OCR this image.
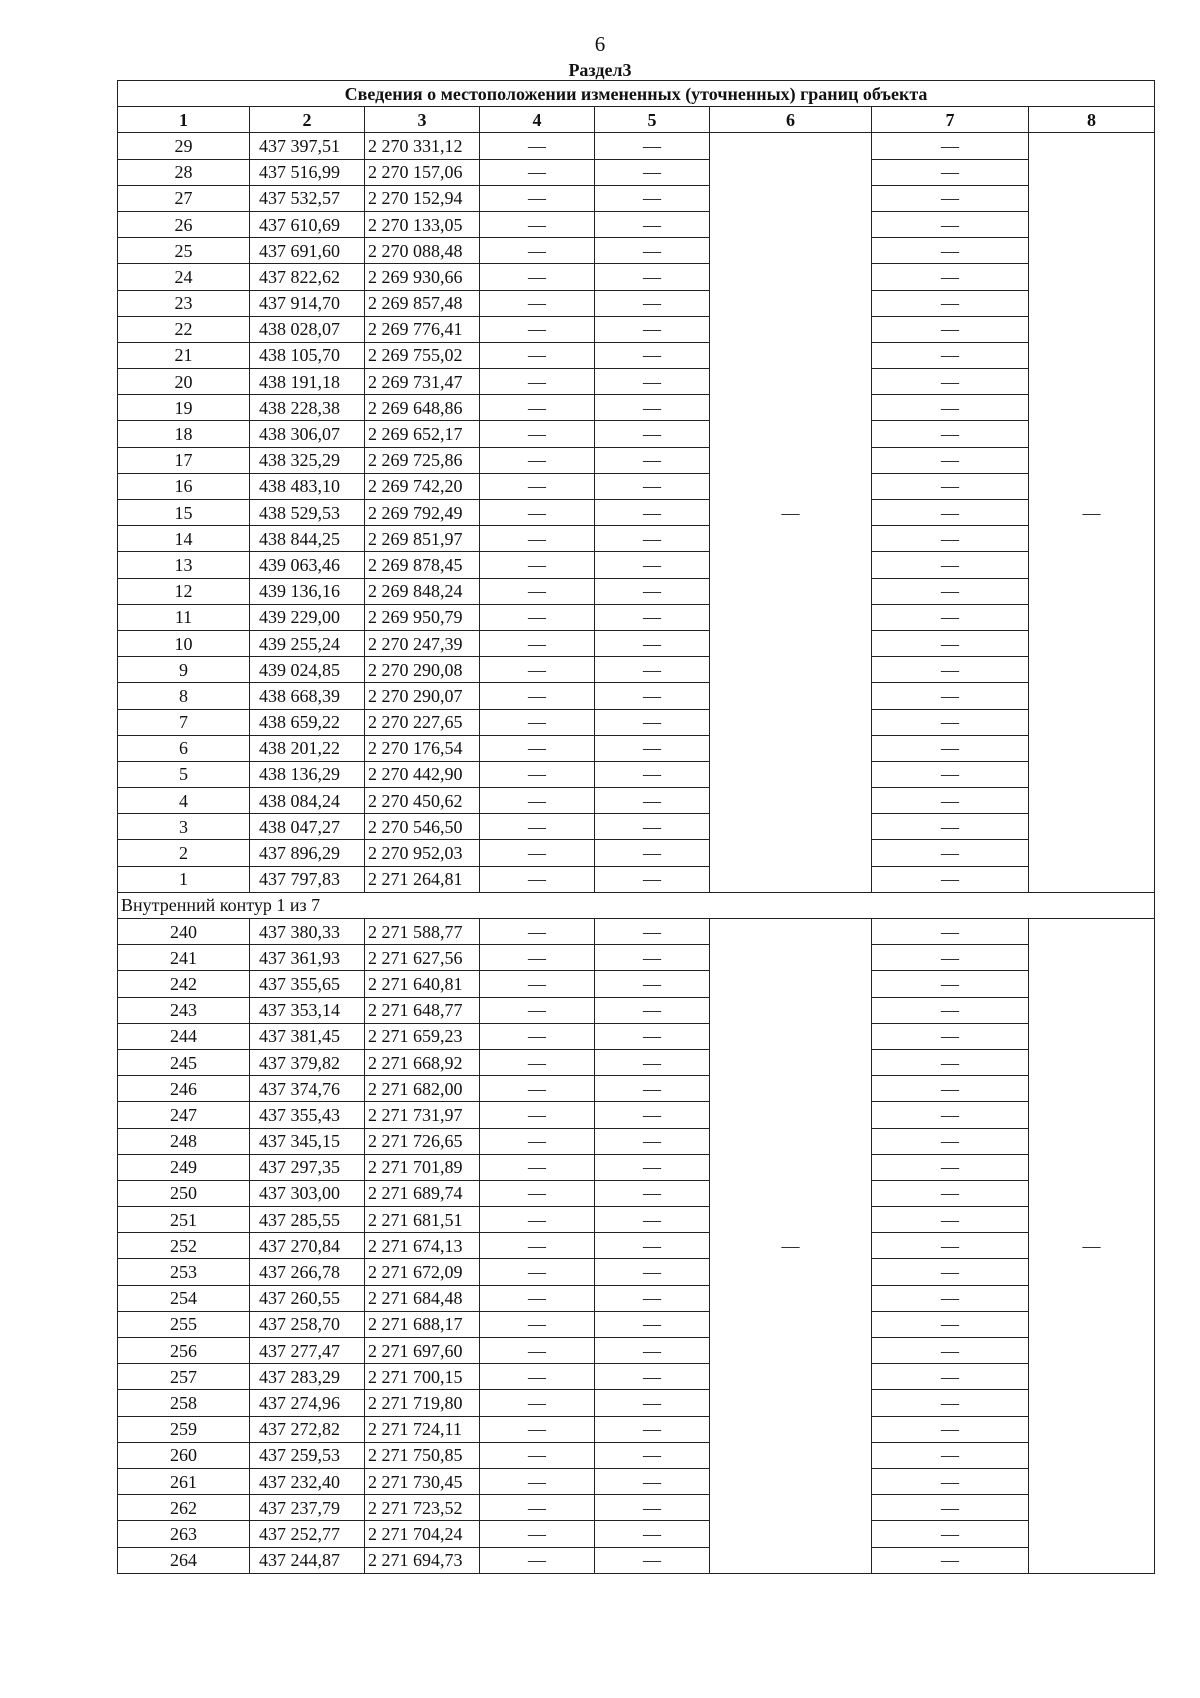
6
Раздел3
Сведения о местоположении измененных (уточненных) границ объекта							
1	2	3	4	5	6	7	8
29	437 397,51	2 270 331,12	—	—	—	—	—
28	437 516,99	2 270 157,06	—	—		—	
27	437 532,57	2 270 152,94	—	—		—	
26	437 610,69	2 270 133,05	—	—		—	
25	437 691,60	2 270 088,48	—	—		—	
24	437 822,62	2 269 930,66	—	—		—	
23	437 914,70	2 269 857,48	—	—		—	
22	438 028,07	2 269 776,41	—	—		—	
21	438 105,70	2 269 755,02	—	—		—	
20	438 191,18	2 269 731,47	—	—		—	
19	438 228,38	2 269 648,86	—	—		—	
18	438 306,07	2 269 652,17	—	—		—	
17	438 325,29	2 269 725,86	—	—		—	
16	438 483,10	2 269 742,20	—	—		—	
15	438 529,53	2 269 792,49	—	—		—	
14	438 844,25	2 269 851,97	—	—		—	
13	439 063,46	2 269 878,45	—	—		—	
12	439 136,16	2 269 848,24	—	—		—	
11	439 229,00	2 269 950,79	—	—		—	
10	439 255,24	2 270 247,39	—	—		—	
9	439 024,85	2 270 290,08	—	—		—	
8	438 668,39	2 270 290,07	—	—		—	
7	438 659,22	2 270 227,65	—	—		—	
6	438 201,22	2 270 176,54	—	—		—	
5	438 136,29	2 270 442,90	—	—		—	
4	438 084,24	2 270 450,62	—	—		—	
3	438 047,27	2 270 546,50	—	—		—	
2	437 896,29	2 270 952,03	—	—		—	
1	437 797,83	2 271 264,81	—	—		—	
Внутренний контур 1 из 7							
240	437 380,33	2 271 588,77	—	—	—	—	—
241	437 361,93	2 271 627,56	—	—		—	
242	437 355,65	2 271 640,81	—	—		—	
243	437 353,14	2 271 648,77	—	—		—	
244	437 381,45	2 271 659,23	—	—		—	
245	437 379,82	2 271 668,92	—	—		—	
246	437 374,76	2 271 682,00	—	—		—	
247	437 355,43	2 271 731,97	—	—		—	
248	437 345,15	2 271 726,65	—	—		—	
249	437 297,35	2 271 701,89	—	—		—	
250	437 303,00	2 271 689,74	—	—		—	
251	437 285,55	2 271 681,51	—	—		—	
252	437 270,84	2 271 674,13	—	—		—	
253	437 266,78	2 271 672,09	—	—		—	
254	437 260,55	2 271 684,48	—	—		—	
255	437 258,70	2 271 688,17	—	—		—	
256	437 277,47	2 271 697,60	—	—		—	
257	437 283,29	2 271 700,15	—	—		—	
258	437 274,96	2 271 719,80	—	—		—	
259	437 272,82	2 271 724,11	—	—		—	
260	437 259,53	2 271 750,85	—	—		—	
261	437 232,40	2 271 730,45	—	—		—	
262	437 237,79	2 271 723,52	—	—		—	
263	437 252,77	2 271 704,24	—	—		—	
264	437 244,87	2 271 694,73	—	—		—	
